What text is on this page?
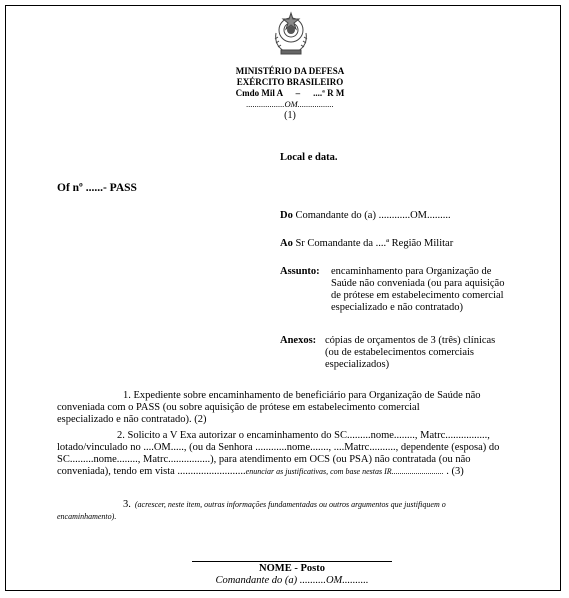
MINISTÉRIO DA DEFESA
EXÉRCITO BRASILEIRO
Cmdo Mil A – ....ª R M
..................OM.................
(1)
Local e data.
Of nº ......- PASS
Do Comandante do (a) ............OM.........
Ao Sr Comandante da ....ª Região Militar
Assunto: encaminhamento para Organização de
Saúde não conveniada (ou para aquisição
de prótese em estabelecimento comercial
especializado e não contratado)
Anexos: cópias de orçamentos de 3 (três) clínicas
(ou de estabelecimentos comerciais
especializados)
1. Expediente sobre encaminhamento de beneficiário para Organização de Saúde não
conveniada com o PASS (ou sobre aquisição de prótese em estabelecimento comercial
especializado e não contratado). (2)
2. Solicito a V Exa autorizar o encaminhamento do SC.........nome........, Matrc................,
lotado/vinculado no ....OM....., (ou da Senhora ............nome......., ....Matrc.........., dependente (esposa) do
SC.........nome........, Matrc................), para atendimento em OCS (ou PSA) não contratada (ou não
conveniada), tendo em vista ..........................enunciar as justificativas, com base nestas IR.......................... . (3)
3. (acrescer, neste item, outras informações fundamentadas ou outros argumentos que justifiquem o
encaminhamento).
NOME - Posto
Comandante do (a) ..........OM..........
